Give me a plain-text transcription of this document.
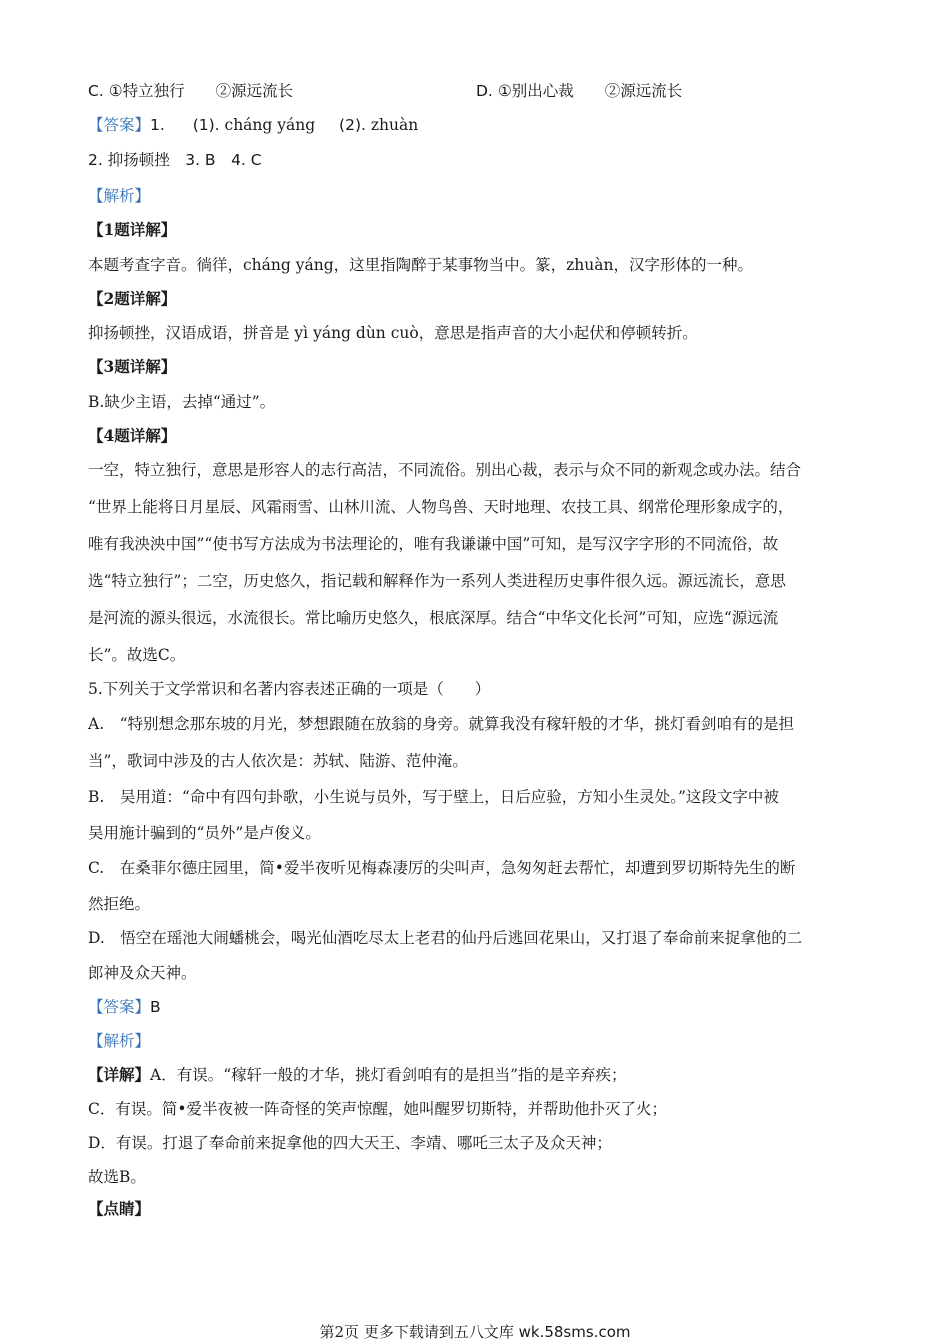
C. ①特立独行　　②源远流长	D. ①别出心裁　　②源远流长
【答案】1. (1). cháng yáng (2). zhuàn
2. 抑扬顿挫　3. B　4. C
【解析】
【1题详解】
本题考查字音。徜徉，cháng yáng，这里指陶醉于某事物当中。篆，zhuàn，汉字形体的一种。
【2题详解】
抑扬顿挫，汉语成语，拼音是 yì yáng dùn cuò，意思是指声音的大小起伏和停顿转折。
【3题详解】
B.缺少主语，去掉“通过”。
【4题详解】
一空，特立独行，意思是形容人的志行高洁，不同流俗。别出心裁，表示与众不同的新观念或办法。结合
“世界上能将日月星辰、风霜雨雪、山林川流、人物鸟兽、天时地理、农技工具、纲常伦理形象成字的，
唯有我泱泱中国”“使书写方法成为书法理论的，唯有我谦谦中国”可知，是写汉字字形的不同流俗，故
选“特立独行”；二空，历史悠久，指记载和解释作为一系列人类进程历史事件很久远。源远流长，意思
是河流的源头很远，水流很长。常比喻历史悠久，根底深厚。结合“中华文化长河”可知，应选“源远流
长”。故选C。
5.下列关于文学常识和名著内容表述正确的一项是（　　）
A.　“特别想念那东坡的月光，梦想跟随在放翁的身旁。就算我没有稼轩般的才华，挑灯看剑咱有的是担
当”，歌词中涉及的古人依次是：苏轼、陆游、范仲淹。
B.　吴用道：“命中有四句卦歌，小生说与员外，写于壁上，日后应验，方知小生灵处。”这段文字中被
吴用施计骗到的“员外”是卢俊义。
C.　在桑菲尔德庄园里，简•爱半夜听见梅森凄厉的尖叫声，急匆匆赶去帮忙，却遭到罗切斯特先生的断
然拒绝。
D.　悟空在瑶池大闹蟠桃会，喝光仙酒吃尽太上老君的仙丹后逃回花果山，又打退了奉命前来捉拿他的二
郎神及众天神。
【答案】B
【解析】
【详解】A．有误。“稼轩一般的才华，挑灯看剑咱有的是担当”指的是辛弃疾；
C．有误。简•爱半夜被一阵奇怪的笑声惊醒，她叫醒罗切斯特，并帮助他扑灭了火；
D．有误。打退了奉命前来捉拿他的四大天王、李靖、哪吒三太子及众天神；
故选B。
【点睛】
第2页 更多下载请到五八文库 wk.58sms.com
